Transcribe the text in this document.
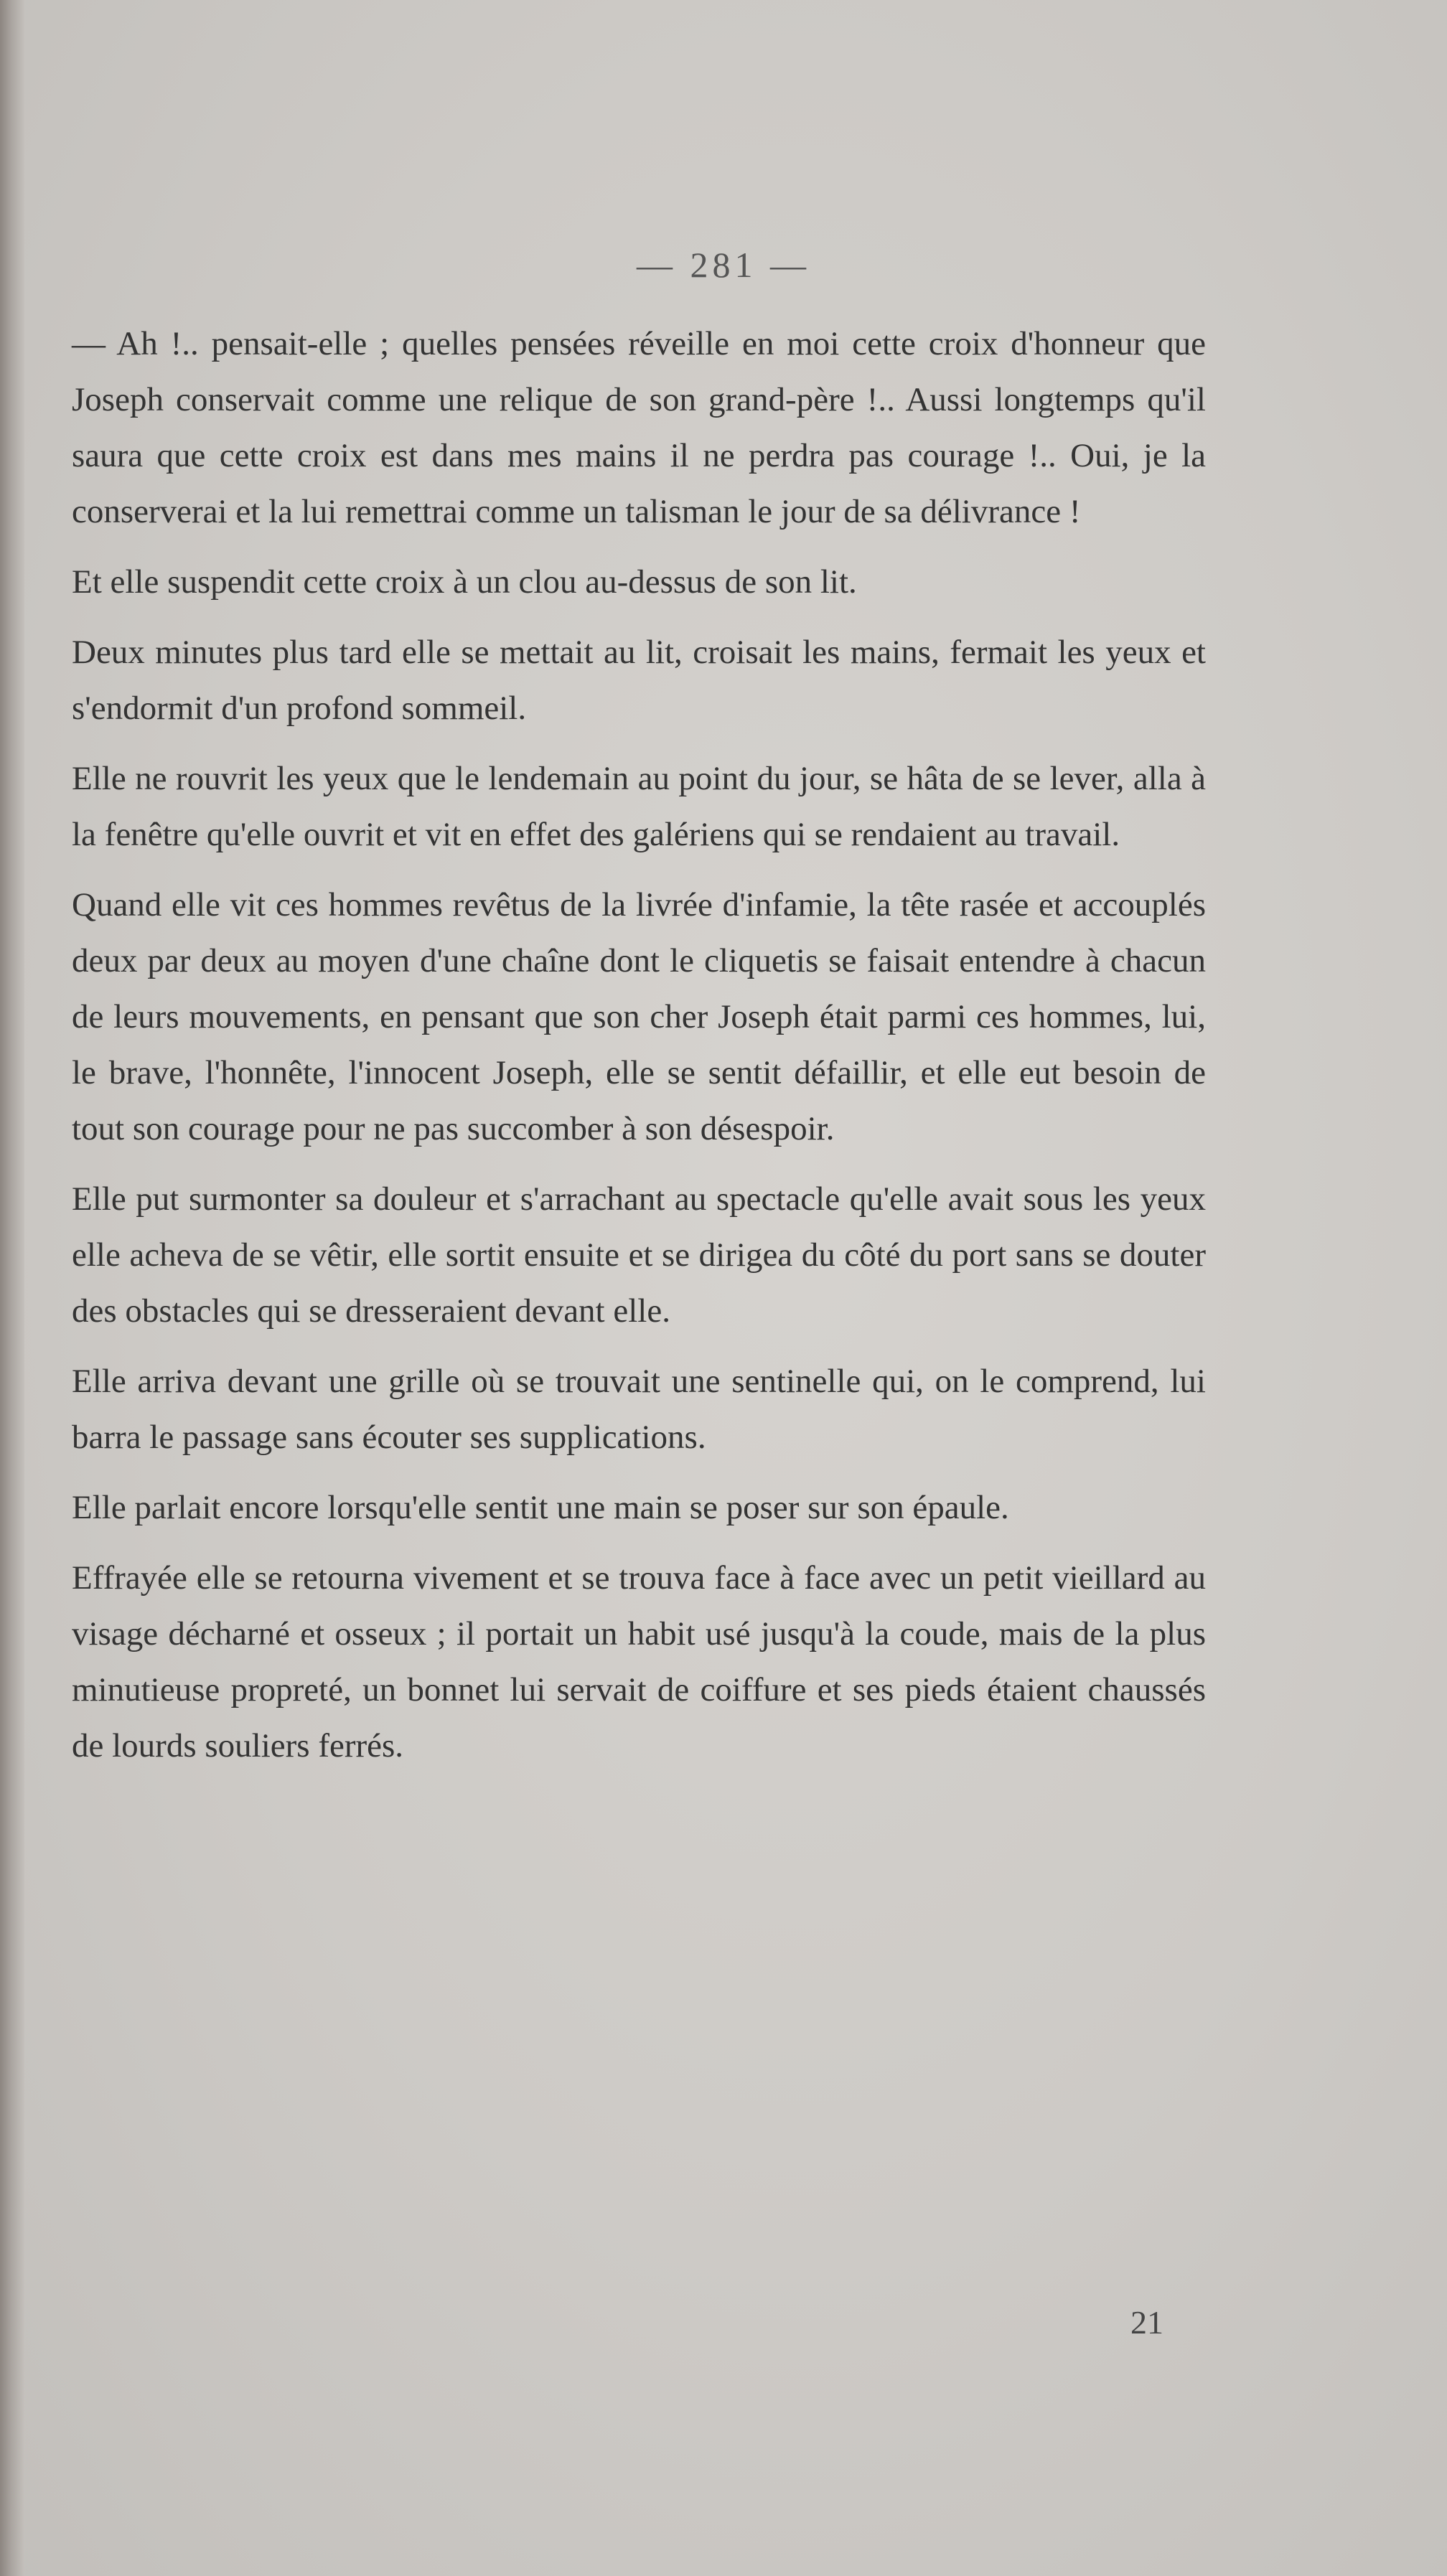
— 281 —

— Ah !.. pensait-elle ; quelles pensées réveille en moi cette croix d'honneur que Joseph conservait comme une relique de son grand-père !.. Aussi longtemps qu'il saura que cette croix est dans mes mains il ne perdra pas courage !.. Oui, je la conserverai et la lui remettrai comme un talisman le jour de sa délivrance !

Et elle suspendit cette croix à un clou au-dessus de son lit.

Deux minutes plus tard elle se mettait au lit, croisait les mains, fermait les yeux et s'endormit d'un profond sommeil.

Elle ne rouvrit les yeux que le lendemain au point du jour, se hâta de se lever, alla à la fenêtre qu'elle ouvrit et vit en effet des galériens qui se rendaient au travail.

Quand elle vit ces hommes revêtus de la livrée d'infamie, la tête rasée et accouplés deux par deux au moyen d'une chaîne dont le cliquetis se faisait entendre à chacun de leurs mouvements, en pensant que son cher Joseph était parmi ces hommes, lui, le brave, l'honnête, l'innocent Joseph, elle se sentit défaillir, et elle eut besoin de tout son courage pour ne pas succomber à son désespoir.

Elle put surmonter sa douleur et s'arrachant au spectacle qu'elle avait sous les yeux elle acheva de se vêtir, elle sortit ensuite et se dirigea du côté du port sans se douter des obstacles qui se dresseraient devant elle.

Elle arriva devant une grille où se trouvait une sentinelle qui, on le comprend, lui barra le passage sans écouter ses supplications.

Elle parlait encore lorsqu'elle sentit une main se poser sur son épaule.

Effrayée elle se retourna vivement et se trouva face à face avec un petit vieillard au visage décharné et osseux ; il portait un habit usé jusqu'à la coude, mais de la plus minutieuse propreté, un bonnet lui servait de coiffure et ses pieds étaient chaussés de lourds souliers ferrés.

21
